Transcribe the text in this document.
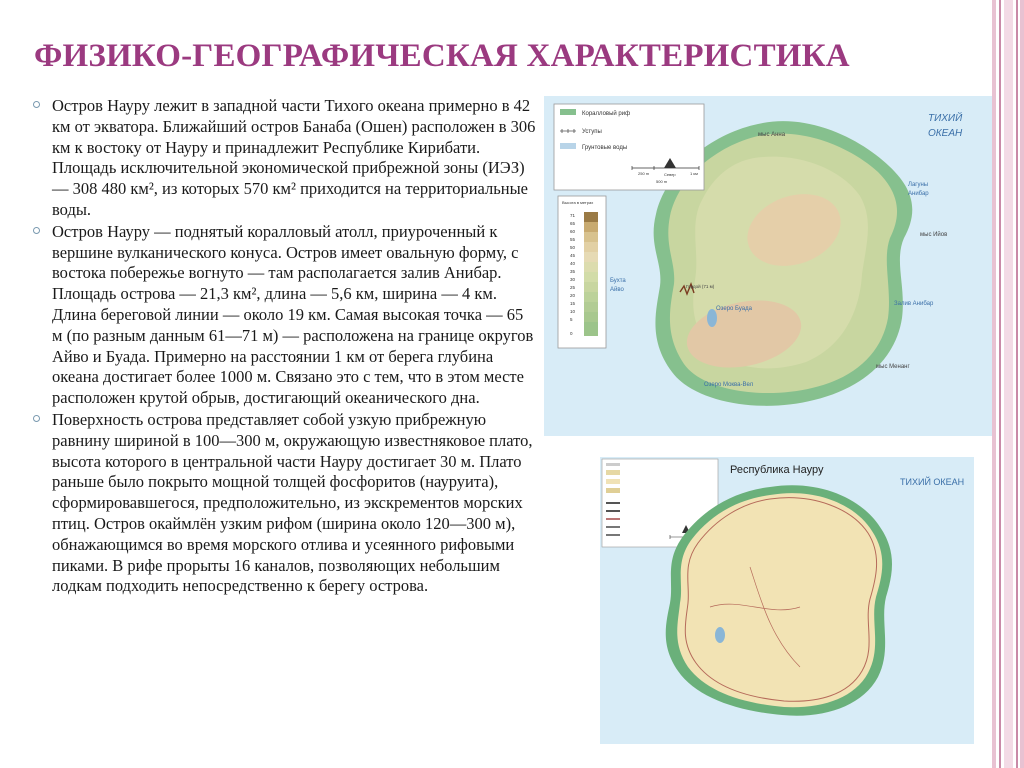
ФИЗИКО-ГЕОГРАФИЧЕСКАЯ ХАРАКТЕРИСТИКА
Остров Науру лежит в западной части Тихого океана примерно в 42 км от экватора. Ближайший остров Банаба (Ошен) расположен в 306 км к востоку от Науру и принадлежит Республике Кирибати. Площадь исключительной экономической прибрежной зоны (ИЭЗ) — 308 480 км², из которых 570 км² приходится на территориальные воды.
Остров Науру — поднятый коралловый атолл, приуроченный к вершине вулканического конуса. Остров имеет овальную форму, с востока побережье вогнуто — там располагается залив Анибар. Площадь острова — 21,3 км², длина — 5,6 км, ширина — 4 км. Длина береговой линии — около 19 км. Самая высокая точка — 65 м (по разным данным 61—71 м) — расположена на границе округов Айво и Буада. Примерно на расстоянии 1 км от берега глубина океана достигает более 1000 м. Связано это с тем, что в этом месте расположен крутой обрыв, достигающий океанического дна.
Поверхность острова представляет собой узкую прибрежную равнину шириной в 100—300 м, окружающую известняковое плато, высота которого в центральной части Науру достигает 30 м. Плато раньше было покрыто мощной толщей фосфоритов (науруита), сформировавшегося, предположительно, из экскрементов морских птиц. Остров окаймлён узким рифом (ширина около 120—300 м), обнажающимся во время морского отлива и усеянного рифовыми пиками. В рифе прорыты 16 каналов, позволяющих небольшим лодкам подходить непосредственно к берегу острова.
Коралловый риф
Уступы
Грунтовые воды
Север
250 m
500 m
1 км
Высота в метрах
71
65
60
55
50
45
40
35
30
25
20
15
10
5
0
ТИХИЙ
ОКЕАН
мыс Анна
Лагуны
Анибар
мыс Ийов
Залив Анибар
мыс Менанг
Бухта
Айво
Озеро Буада
Озеро Моква-Вел
Гордой (71 м)
Республика Науру
ТИХИЙ ОКЕАН
